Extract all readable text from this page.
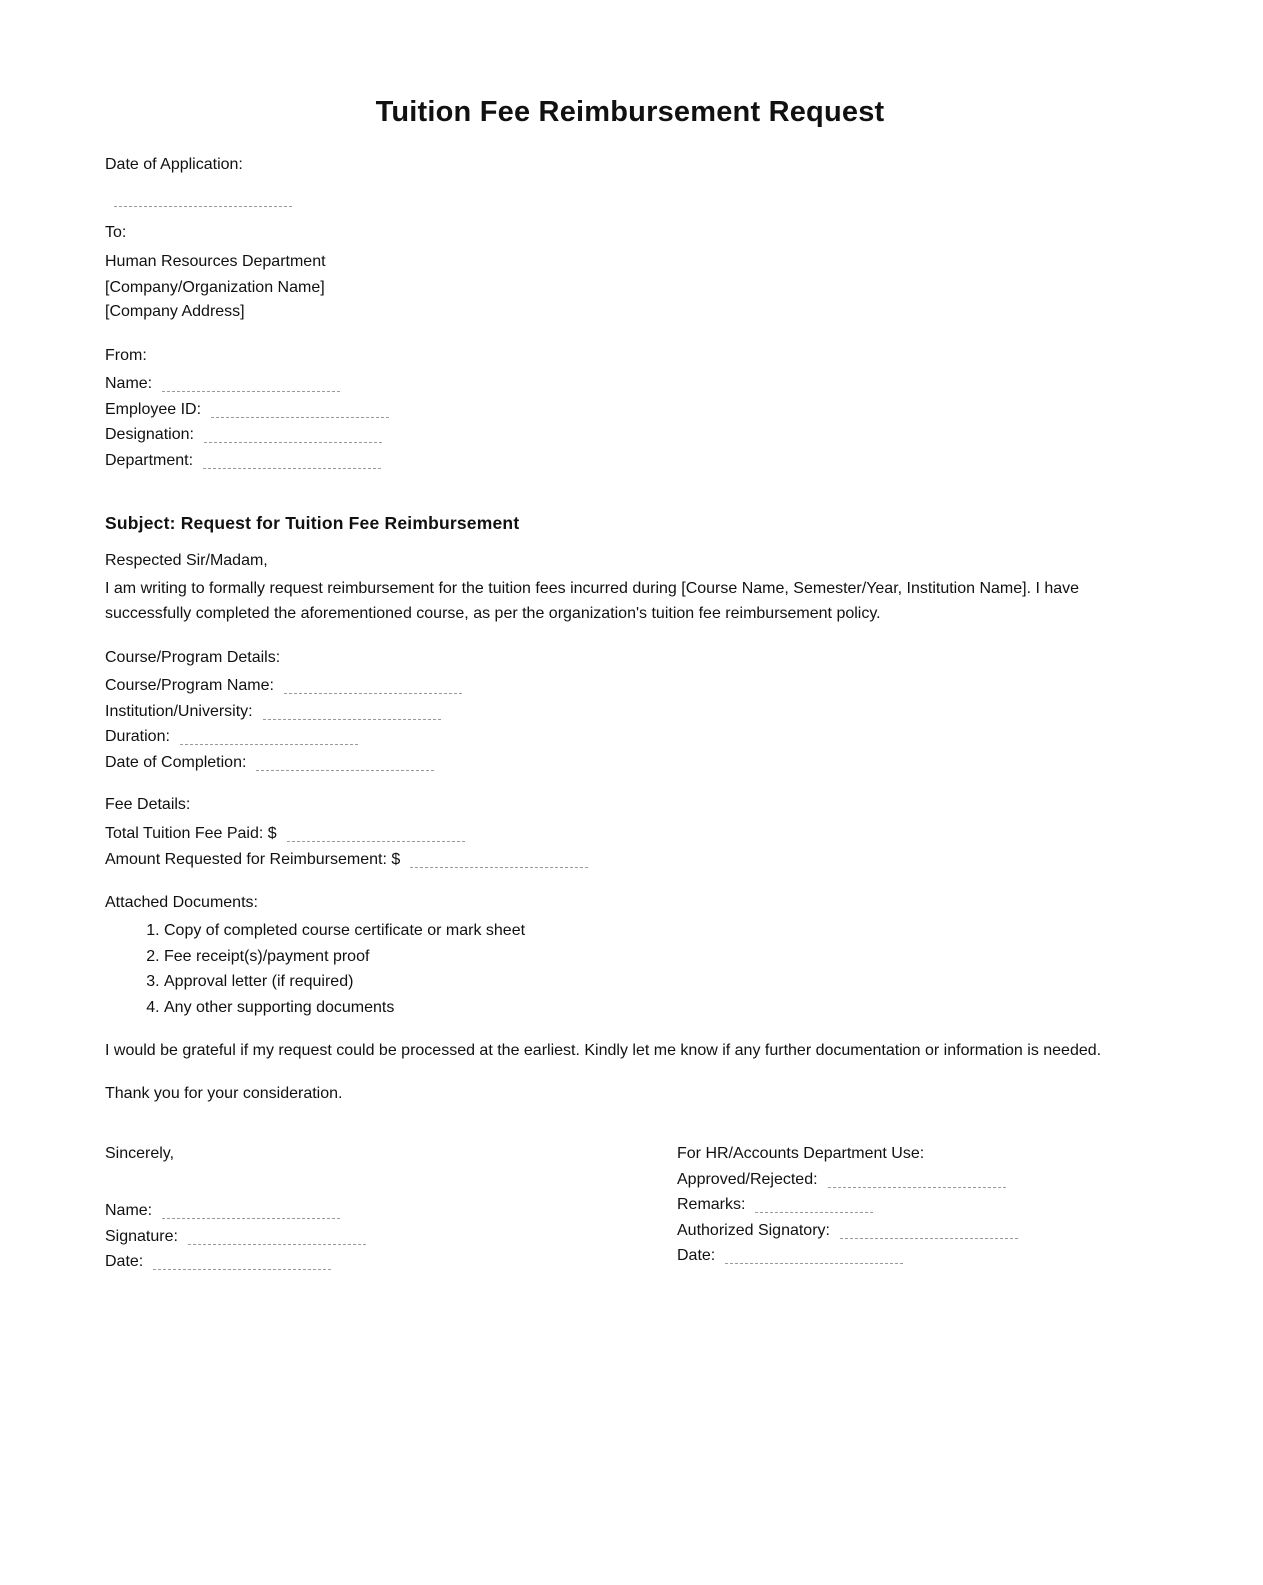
Tuition Fee Reimbursement Request
Date of Application:
To:
Human Resources Department
[Company/Organization Name]
[Company Address]
From:
Name:
Employee ID:
Designation:
Department:
Subject: Request for Tuition Fee Reimbursement
Respected Sir/Madam,
I am writing to formally request reimbursement for the tuition fees incurred during [Course Name, Semester/Year, Institution Name]. I have successfully completed the aforementioned course, as per the organization's tuition fee reimbursement policy.
Course/Program Details:
Course/Program Name:
Institution/University:
Duration:
Date of Completion:
Fee Details:
Total Tuition Fee Paid: $
Amount Requested for Reimbursement: $
Attached Documents:
1. Copy of completed course certificate or mark sheet
2. Fee receipt(s)/payment proof
3. Approval letter (if required)
4. Any other supporting documents
I would be grateful if my request could be processed at the earliest. Kindly let me know if any further documentation or information is needed.
Thank you for your consideration.
Sincerely,
Name:
Signature:
Date:
For HR/Accounts Department Use:
Approved/Rejected:
Remarks:
Authorized Signatory:
Date:
